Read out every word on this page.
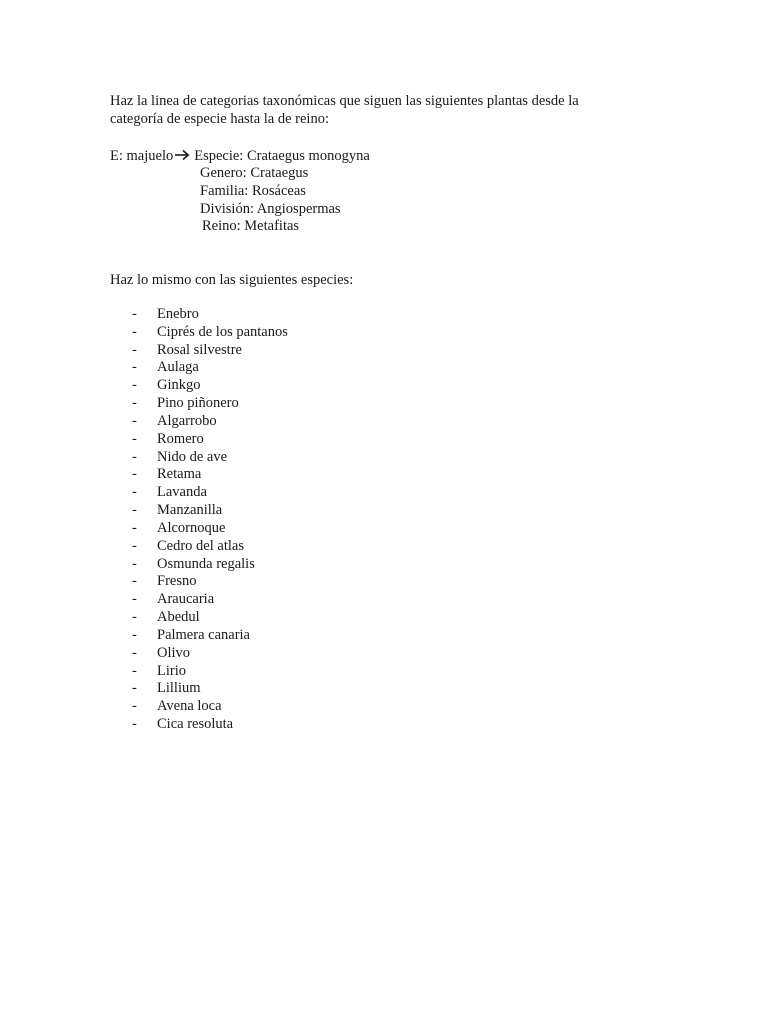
Haz la linea de categorias taxonómicas que siguen las siguientes plantas desde la
categoría de especie hasta la de reino:
E: majuelo Especie: Crataegus monogyna
Genero: Crataegus
Familia: Rosáceas
División: Angiospermas
Reino: Metafitas
Haz lo mismo con las siguientes especies:
-	Enebro
-	Ciprés de los pantanos
-	Rosal silvestre
-	Aulaga
-	Ginkgo
-	Pino piñonero
-	Algarrobo
-	Romero
-	Nido de ave
-	Retama
-	Lavanda
-	Manzanilla
-	Alcornoque
-	Cedro del atlas
-	Osmunda regalis
-	Fresno
-	Araucaria
-	Abedul
-	Palmera canaria
-	Olivo
-	Lirio
-	Lillium
-	Avena loca
-	Cica resoluta
